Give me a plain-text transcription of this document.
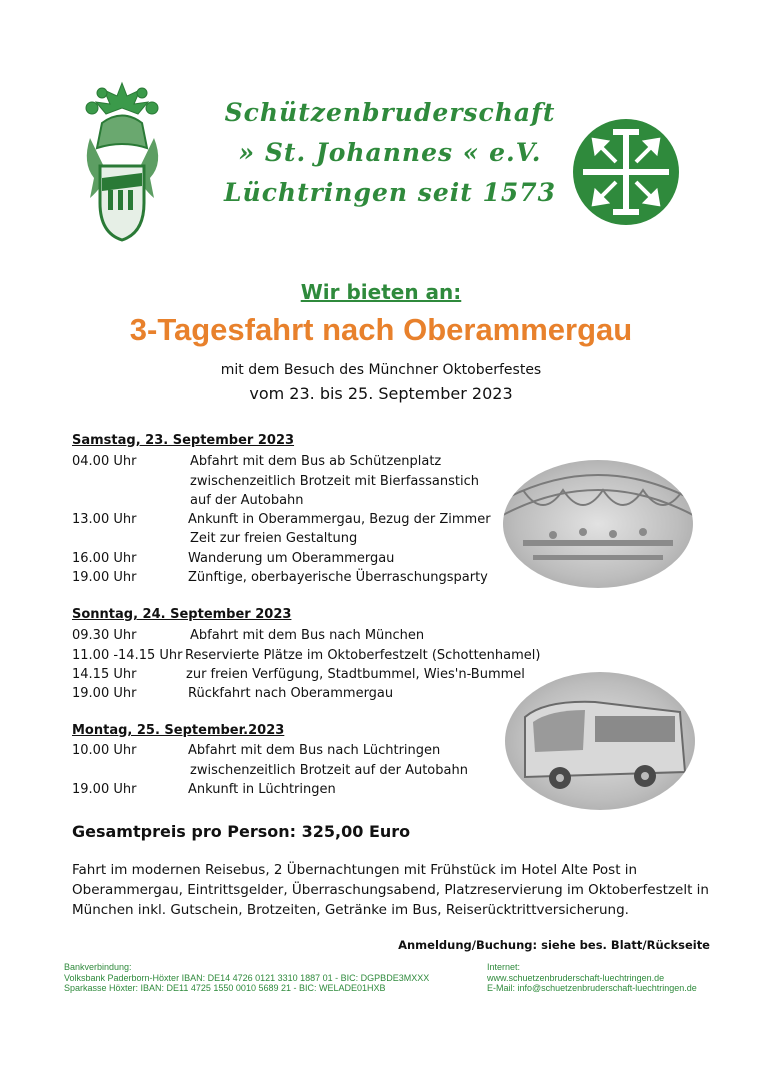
Schützenbruderschaft
» St. Johannes « e.V.
Lüchtringen seit 1573
Wir bieten an:
3-Tagesfahrt nach Oberammergau
mit dem Besuch des Münchner Oktoberfestes
vom 23. bis 25. September 2023
Samstag, 23. September 2023
04.00 Uhr	Abfahrt mit dem Bus ab Schützenplatz
zwischenzeitlich Brotzeit mit Bierfassanstich
auf der Autobahn
13.00 Uhr	Ankunft in Oberammergau, Bezug der Zimmer
Zeit zur freien Gestaltung
16.00 Uhr	Wanderung um Oberammergau
19.00 Uhr	Zünftige, oberbayerische Überraschungsparty
Sonntag, 24. September 2023
09.30 Uhr	Abfahrt mit dem Bus nach München
11.00 -14.15 Uhr Reservierte Plätze im Oktoberfestzelt (Schottenhamel)
14.15 Uhr	zur freien Verfügung, Stadtbummel, Wies'n-Bummel
19.00 Uhr	Rückfahrt nach Oberammergau
Montag, 25. September.2023
10.00 Uhr	Abfahrt mit dem Bus nach Lüchtringen
zwischenzeitlich Brotzeit auf der Autobahn
19.00 Uhr	Ankunft in Lüchtringen
Gesamtpreis pro Person: 325,00 Euro
Fahrt im modernen Reisebus, 2 Übernachtungen mit Frühstück im Hotel Alte Post in Oberammergau, Eintrittsgelder, Überraschungsabend, Platzreservierung im Oktoberfestzelt in München inkl. Gutschein, Brotzeiten, Getränke im Bus, Reiserücktrittversicherung.
Anmeldung/Buchung: siehe bes. Blatt/Rückseite
Bankverbindung:
Volksbank Paderborn-Höxter IBAN: DE14 4726 0121 3310 1887 01 - BIC: DGPBDE3MXXX
Sparkasse Höxter: IBAN: DE11 4725 1550 0010 5689 21 - BIC: WELADE01HXB
Internet:
www.schuetzenbruderschaft-luechtringen.de
E-Mail: info@schuetzenbruderschaft-luechtringen.de
